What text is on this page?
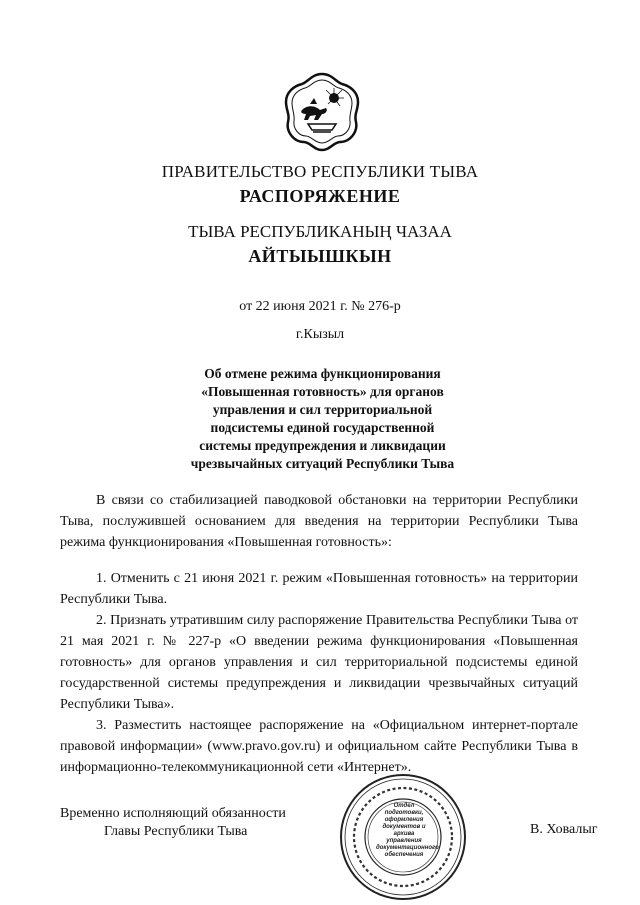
ПРАВИТЕЛЬСТВО РЕСПУБЛИКИ ТЫВА
РАСПОРЯЖЕНИЕ
ТЫВА РЕСПУБЛИКАНЫҢ ЧАЗАА
АЙТЫЫШКЫН
от 22 июня 2021 г. № 276-р
г.Кызыл
Об отмене режима функционирования
«Повышенная готовность» для органов
управления и сил территориальной
подсистемы единой государственной
системы предупреждения и ликвидации
чрезвычайных ситуаций Республики Тыва

В связи со стабилизацией паводковой обстановки на территории Республики Тыва, послужившей основанием для введения на территории Республики Тыва режима функционирования «Повышенная готовность»:

1. Отменить с 21 июня 2021 г. режим «Повышенная готовность» на территории Республики Тыва.

2. Признать утратившим силу распоряжение Правительства Республики Тыва от 21 мая 2021 г. № 227-р «О введении режима функционирования «Повышенная готовность» для органов управления и сил территориальной подсистемы единой государственной системы предупреждения и ликвидации чрезвычайных ситуаций Республики Тыва».

3. Разместить настоящее распоряжение на «Официальном интернет-портале правовой информации» (www.pravo.gov.ru) и официальном сайте Республики Тыва в информационно-телекоммуникационной сети «Интернет».

Временно исполняющий обязанности
Главы Республики Тыва
Отдел подготовки, оформления документов и архива управления документационного обеспечения
В. Ховалыг
